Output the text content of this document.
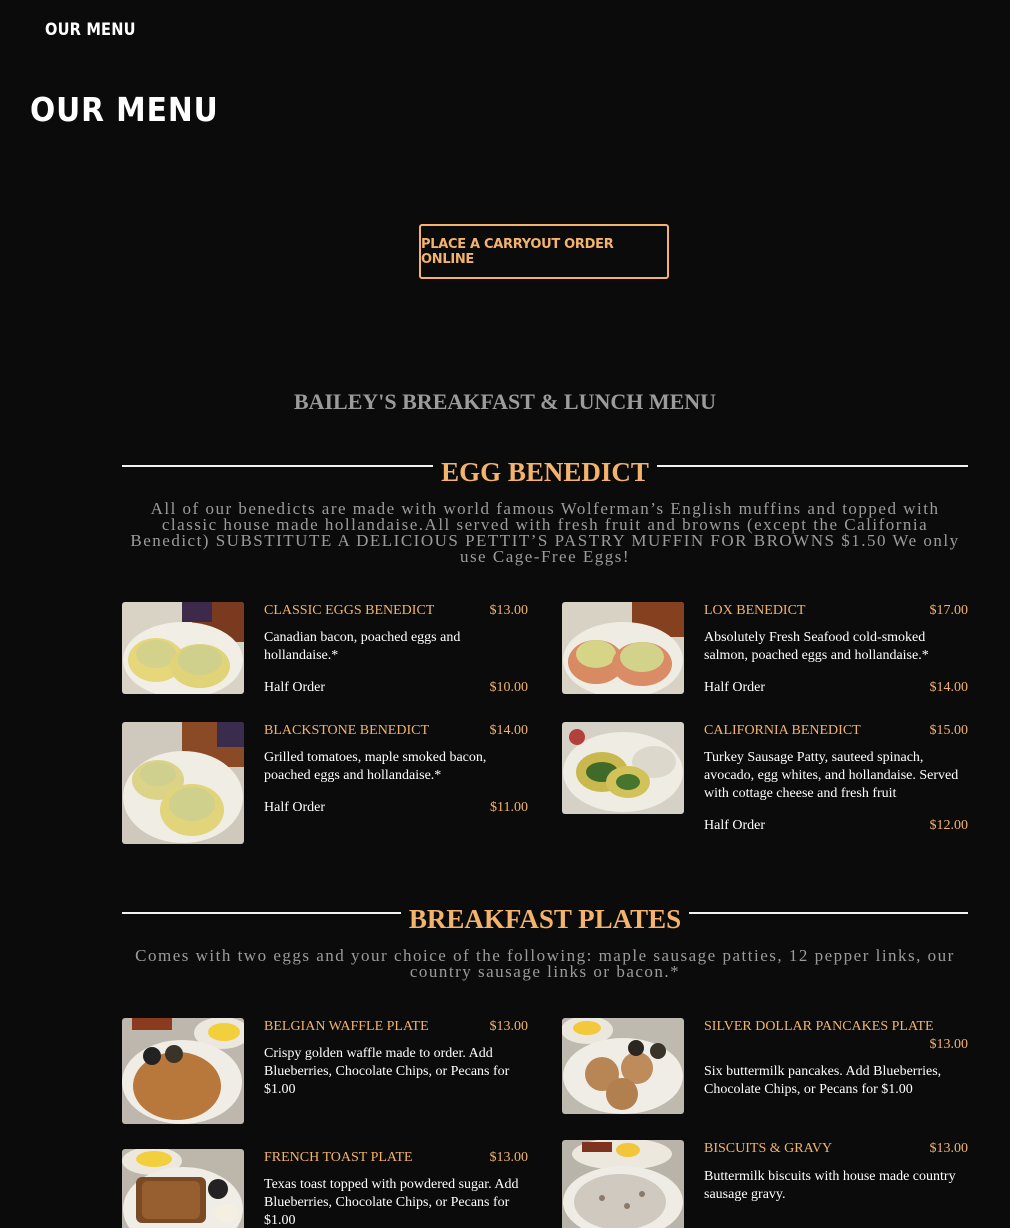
OUR MENU
OUR MENU
PLACE A CARRYOUT ORDER ONLINE
BAILEY'S BREAKFAST & LUNCH MENU
EGG BENEDICT
All of our benedicts are made with world famous Wolferman’s English muffins and topped with classic house made hollandaise.All served with fresh fruit and browns (except the California Benedict) SUBSTITUTE A DELICIOUS PETTIT’S PASTRY MUFFIN FOR BROWNS $1.50 We only use Cage-Free Eggs!
CLASSIC EGGS BENEDICT	$13.00
Canadian bacon, poached eggs and hollandaise.*
Half Order	$10.00
LOX BENEDICT	$17.00
Absolutely Fresh Seafood cold-smoked salmon, poached eggs and hollandaise.*
Half Order	$14.00
BLACKSTONE BENEDICT	$14.00
Grilled tomatoes, maple smoked bacon, poached eggs and hollandaise.*
Half Order	$11.00
CALIFORNIA BENEDICT	$15.00
Turkey Sausage Patty, sauteed spinach, avocado, egg whites, and hollandaise. Served with cottage cheese and fresh fruit
Half Order	$12.00
BREAKFAST PLATES
Comes with two eggs and your choice of the following: maple sausage patties, 12 pepper links, our country sausage links or bacon.*
BELGIAN WAFFLE PLATE	$13.00
Crispy golden waffle made to order. Add Blueberries, Chocolate Chips, or Pecans for $1.00
SILVER DOLLAR PANCAKES PLATE
$13.00
Six buttermilk pancakes. Add Blueberries, Chocolate Chips, or Pecans for $1.00
FRENCH TOAST PLATE	$13.00
Texas toast topped with powdered sugar. Add Blueberries, Chocolate Chips, or Pecans for $1.00
BISCUITS & GRAVY	$13.00
Buttermilk biscuits with house made country sausage gravy.
